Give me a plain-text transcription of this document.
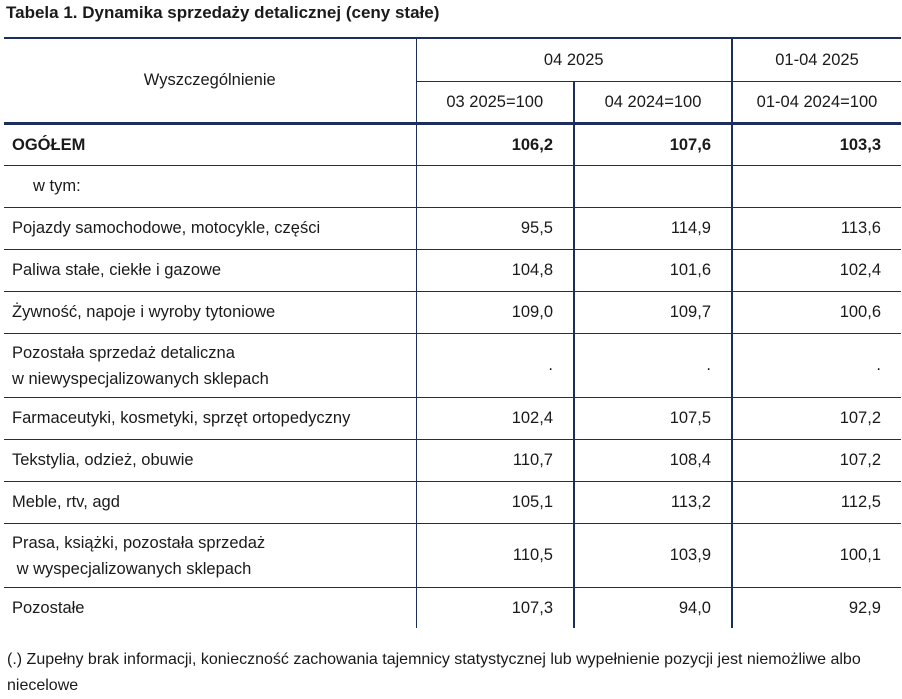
Tabela 1. Dynamika sprzedaży detalicznej (ceny stałe)
Wyszczególnienie	04 2025		01-04 2025
	03 2025=100	04 2024=100	01-04 2024=100
OGÓŁEM	106,2	107,6	103,3
w tym:			
Pojazdy samochodowe, motocykle, części	95,5	114,9	113,6
Paliwa stałe, ciekłe i gazowe	104,8	101,6	102,4
Żywność, napoje i wyroby tytoniowe	109,0	109,7	100,6

Pozostała sprzedaż detaliczna
w niewyspecjalizowanych sklepach	.	.	.
Farmaceutyki, kosmetyki, sprzęt ortopedyczny	102,4	107,5	107,2
Tekstylia, odzież, obuwie	110,7	108,4	107,2
Meble, rtv, agd	105,1	113,2	112,5

Prasa, książki, pozostała sprzedaż
w wyspecjalizowanych sklepach	110,5	103,9	100,1
Pozostałe	107,3	94,0	92,9
(.) Zupełny brak informacji, konieczność zachowania tajemnicy statystycznej lub wypełnienie pozycji jest niemożliwe albo niecelowe
